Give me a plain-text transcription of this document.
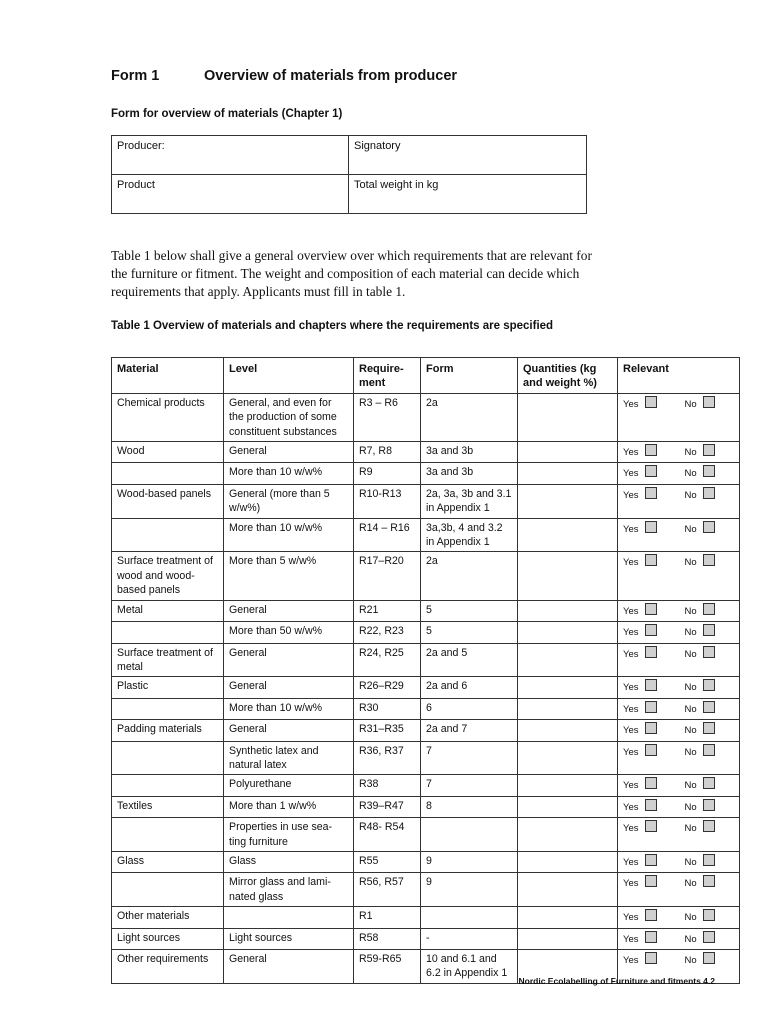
Form 1	Overview of materials from producer
Form for overview of materials (Chapter 1)
Producer:	Signatory
Product	Total weight in kg
Table 1 below shall give a general overview over which requirements that are relevant for the furniture or fitment. The weight and composition of each material can decide which requirements that apply. Applicants must fill in table 1.
Table 1 Overview of materials and chapters where the requirements are specified
Material	Level	Require-ment	Form	Quantities (kg and weight %)	Relevant
Chemical products	General, and even for the production of some constituent substances	R3 – R6	2a		Yes No
Wood	General	R7, R8	3a and 3b		Yes No
	More than 10 w/w%	R9	3a and 3b		Yes No
Wood-based panels	General (more than 5 w/w%)	R10-R13	2a, 3a, 3b and 3.1 in Appendix 1		Yes No
	More than 10 w/w%	R14 – R16	3a,3b, 4 and 3.2 in Appendix 1		Yes No
Surface treatment of wood and wood-based panels	More than 5 w/w%	R17–R20	2a		Yes No
Metal	General	R21	5		Yes No
	More than 50 w/w%	R22, R23	5		Yes No
Surface treatment of metal	General	R24, R25	2a and 5		Yes No
Plastic	General	R26–R29	2a and 6		Yes No
	More than 10 w/w%	R30	6		Yes No
Padding materials	General	R31–R35	2a and 7		Yes No
	Synthetic latex and natural latex	R36, R37	7		Yes No
	Polyurethane	R38	7		Yes No
Textiles	More than 1 w/w%	R39–R47	8		Yes No
	Properties in use sea-ting furniture	R48- R54			Yes No
Glass	Glass	R55	9		Yes No
	Mirror glass and lami-nated glass	R56, R57	9		Yes No
Other materials		R1			Yes No
Light sources	Light sources	R58	-		Yes No
Other requirements	General	R59-R65	10 and 6.1 and 6.2 in Appendix 1		Yes No
Nordic Ecolabelling of Furniture and fitments 4.2
